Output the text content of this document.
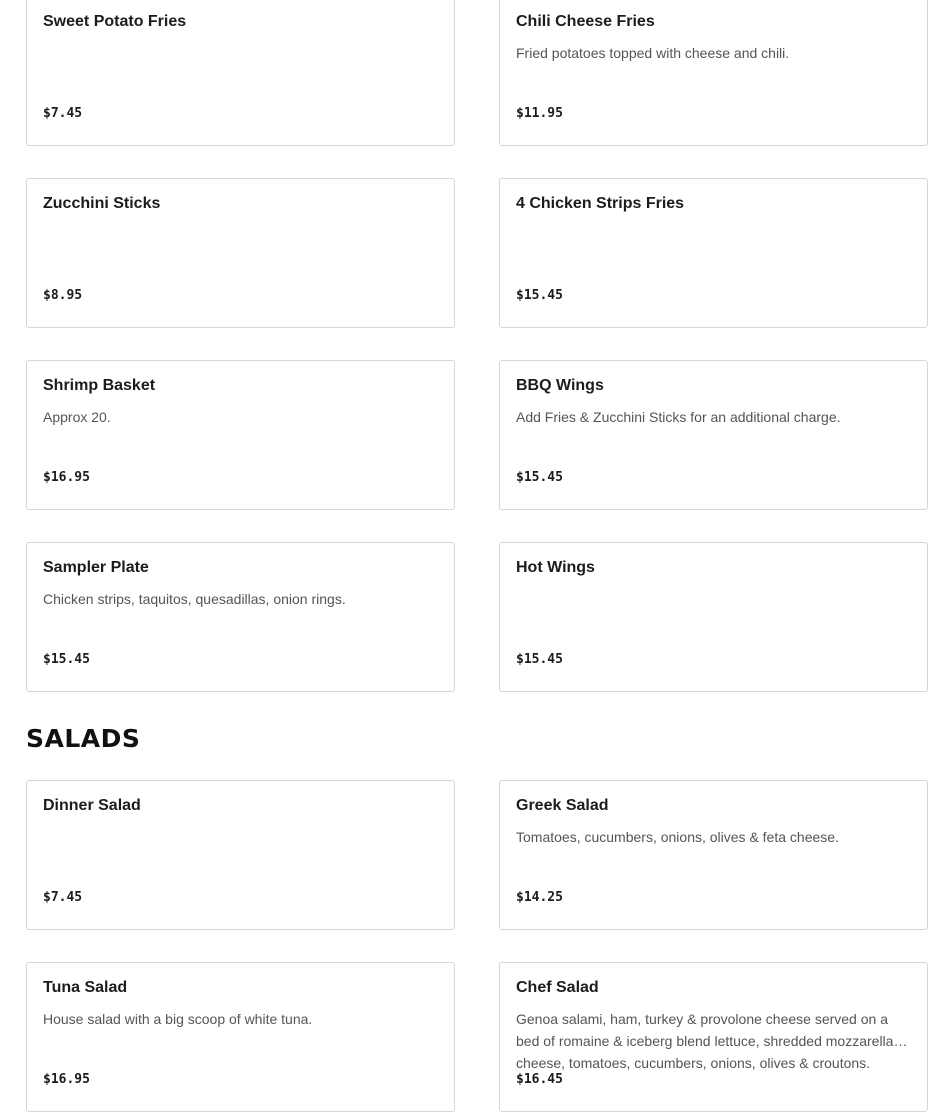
Sweet Potato Fries
$7.45
Chili Cheese Fries
Fried potatoes topped with cheese and chili.
$11.95
Zucchini Sticks
$8.95
4 Chicken Strips Fries
$15.45
Shrimp Basket
Approx 20.
$16.95
BBQ Wings
Add Fries & Zucchini Sticks for an additional charge.
$15.45
Sampler Plate
Chicken strips, taquitos, quesadillas, onion rings.
$15.45
Hot Wings
$15.45
SALADS
Dinner Salad
$7.45
Greek Salad
Tomatoes, cucumbers, onions, olives & feta cheese.
$14.25
Tuna Salad
House salad with a big scoop of white tuna.
$16.95
Chef Salad
Genoa salami, ham, turkey & provolone cheese served on a bed of romaine & iceberg blend lettuce, shredded mozzarella cheese, tomatoes, cucumbers, onions, olives & croutons.
$16.45
